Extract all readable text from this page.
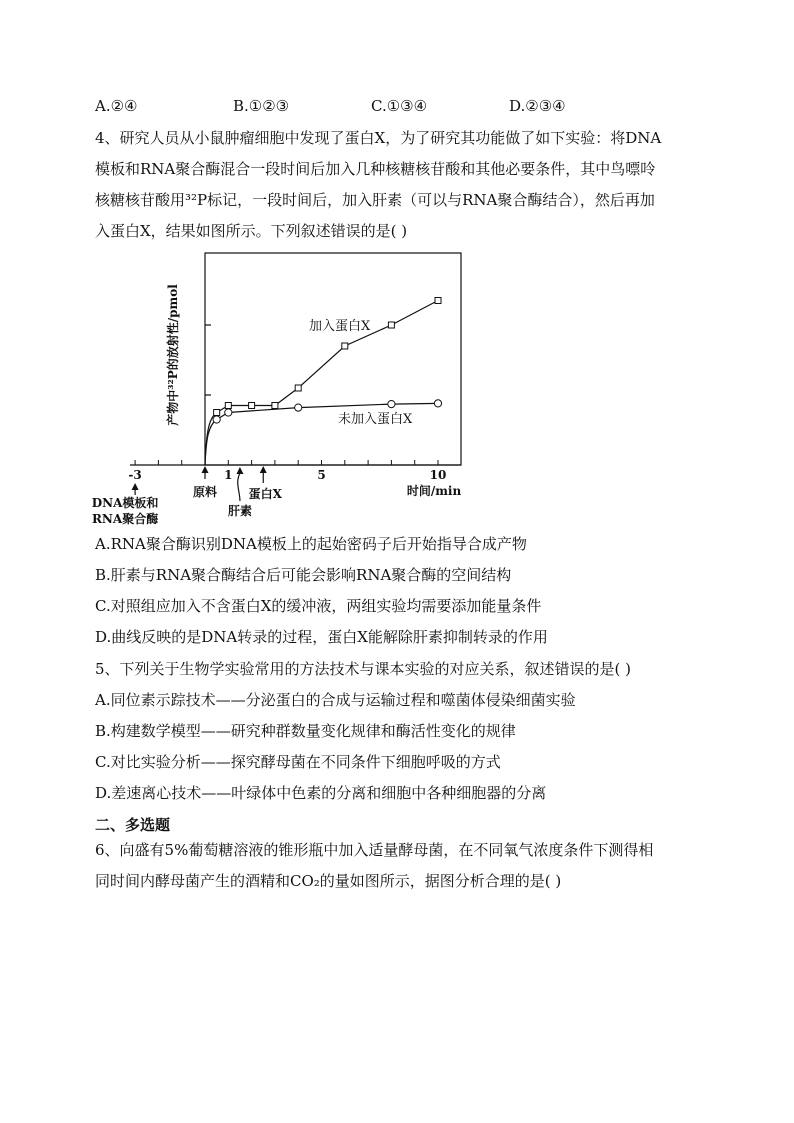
A.②④	B.①②③	C.①③④	D.②③④
4、研究人员从小鼠肿瘤细胞中发现了蛋白X，为了研究其功能做了如下实验：将DNA
模板和RNA聚合酶混合一段时间后加入几种核糖核苷酸和其他必要条件，其中鸟嘌呤
核糖核苷酸用³²P标记，一段时间后，加入肝素（可以与RNA聚合酶结合），然后再加
入蛋白X，结果如图所示。下列叙述错误的是( )
-3	1	5	10
产物中³²P的放射性/pmol
时间/min
DNA模板和
RNA聚合酶
原料
肝素
蛋白X
加入蛋白X
未加入蛋白X
A.RNA聚合酶识别DNA模板上的起始密码子后开始指导合成产物
B.肝素与RNA聚合酶结合后可能会影响RNA聚合酶的空间结构
C.对照组应加入不含蛋白X的缓冲液，两组实验均需要添加能量条件
D.曲线反映的是DNA转录的过程，蛋白X能解除肝素抑制转录的作用
5、下列关于生物学实验常用的方法技术与课本实验的对应关系，叙述错误的是( )
A.同位素示踪技术——分泌蛋白的合成与运输过程和噬菌体侵染细菌实验
B.构建数学模型——研究种群数量变化规律和酶活性变化的规律
C.对比实验分析——探究酵母菌在不同条件下细胞呼吸的方式
D.差速离心技术——叶绿体中色素的分离和细胞中各种细胞器的分离
二、多选题
6、向盛有5%葡萄糖溶液的锥形瓶中加入适量酵母菌，在不同氧气浓度条件下测得相
同时间内酵母菌产生的酒精和CO₂的量如图所示，据图分析合理的是( )
